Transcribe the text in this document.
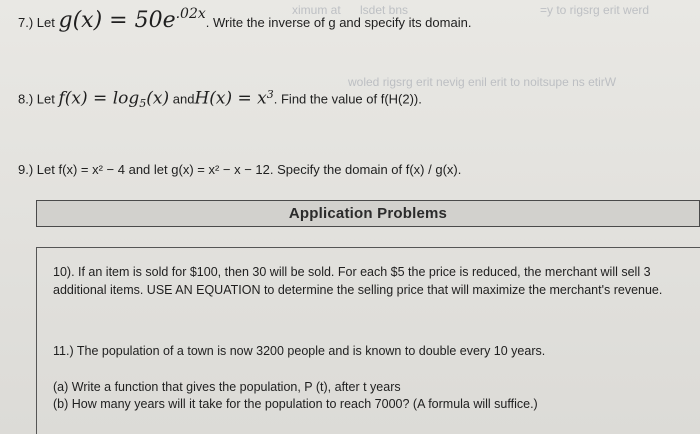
ximum at lsdet bns	=y to rigsrg erit werd
woled rigsrg erit nevig enil erit to noitsupe ns etirW
7.) Let $g(x) = 50e^{.02x}$. Write the inverse of g and specify its domain.
8.) Let $f(x) = \log_5(x)$ andH(x) = $x^3$. Find the value of f(H(2)).
9.) Let f(x) = x² − 4 and let g(x) = x² − x − 12. Specify the domain of f(x) / g(x).
Application Problems
10). If an item is sold for $100, then 30 will be sold. For each $5 the price is reduced, the merchant will sell 3 additional items. USE AN EQUATION to determine the selling price that will maximize the merchant's revenue.
11.) The population of a town is now 3200 people and is known to double every 10 years.
(a) Write a function that gives the population, P (t), after t years
(b) How many years will it take for the population to reach 7000? (A formula will suffice.)
